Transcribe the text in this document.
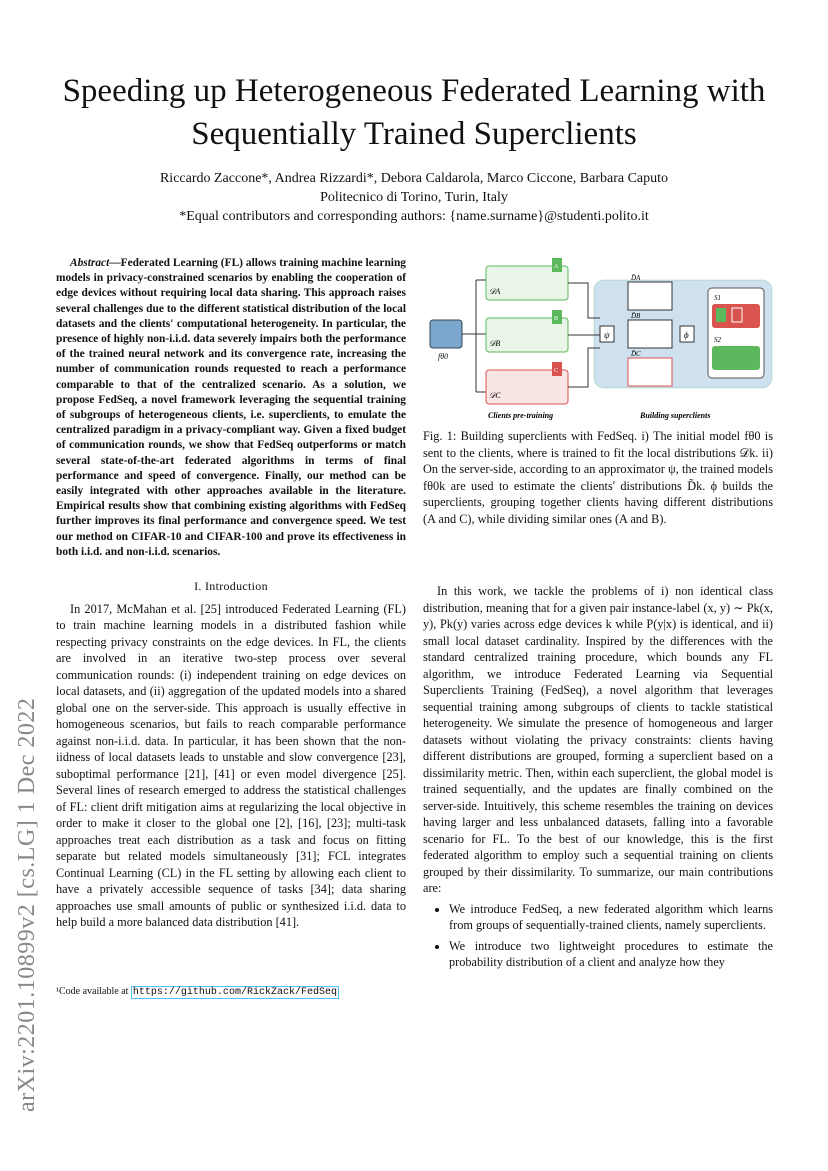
Speeding up Heterogeneous Federated Learning with Sequentially Trained Superclients
Riccardo Zaccone*, Andrea Rizzardi*, Debora Caldarola, Marco Ciccone, Barbara Caputo
Politecnico di Torino, Turin, Italy
*Equal contributors and corresponding authors: {name.surname}@studenti.polito.it
arXiv:2201.10899v2 [cs.LG] 1 Dec 2022

Abstract—Federated Learning (FL) allows training machine learning models in privacy-constrained scenarios by enabling the cooperation of edge devices without requiring local data sharing. This approach raises several challenges due to the different statistical distribution of the local datasets and the clients' computational heterogeneity. In particular, the presence of highly non-i.i.d. data severely impairs both the performance of the trained neural network and its convergence rate, increasing the number of communication rounds requested to reach a performance comparable to that of the centralized scenario. As a solution, we propose FedSeq, a novel framework leveraging the sequential training of subgroups of heterogeneous clients, i.e. superclients, to emulate the centralized paradigm in a privacy-compliant way. Given a fixed budget of communication rounds, we show that FedSeq outperforms or match several state-of-the-art federated algorithms in terms of final performance and speed of convergence. Finally, our method can be easily integrated with other approaches available in the literature. Empirical results show that combining existing algorithms with FedSeq further improves its final performance and convergence speed. We test our method on CIFAR-10 and CIFAR-100 and prove its effectiveness in both i.i.d. and non-i.i.d. scenarios.

I. Introduction

In 2017, McMahan et al. [25] introduced Federated Learning (FL) to train machine learning models in a distributed fashion while respecting privacy constraints on the edge devices. In FL, the clients are involved in an iterative two-step process over several communication rounds: (i) independent training on edge devices on local datasets, and (ii) aggregation of the updated models into a shared global one on the server-side. This approach is usually effective in homogeneous scenarios, but fails to reach comparable performance against non-i.i.d. data. In particular, it has been shown that the non-iidness of local datasets leads to unstable and slow convergence [23], suboptimal performance [21], [41] or even model divergence [25]. Several lines of research emerged to address the statistical challenges of FL: client drift mitigation aims at regularizing the local objective in order to make it closer to the global one [2], [16], [23]; multi-task approaches treat each distribution as a task and focus on fitting separate but related models simultaneously [31]; FCL integrates Continual Learning (CL) in the FL setting by allowing each client to have a privately accessible sequence of tasks [34]; data sharing approaches use small amounts of public or synthesized i.i.d. data to help build a more balanced data distribution [41].

¹Code available at https://github.com/RickZack/FedSeq
fθ0
𝒟A
A
𝒟B
B
𝒟C
C
Clients pre-training
ψ
D̃A
D̃B
D̃C
ϕ
S1
S2
Building superclients
Fig. 1: Building superclients with FedSeq. i) The initial model fθ0 is sent to the clients, where is trained to fit the local distributions 𝒟k. ii) On the server-side, according to an approximator ψ, the trained models fθ0k are used to estimate the clients' distributions D̃k. ϕ builds the superclients, grouping together clients having different distributions (A and C), while dividing similar ones (A and B).

In this work, we tackle the problems of i) non identical class distribution, meaning that for a given pair instance-label (x, y) ∼ Pk(x, y), Pk(y) varies across edge devices k while P(y|x) is identical, and ii) small local dataset cardinality. Inspired by the differences with the standard centralized training procedure, which bounds any FL algorithm, we introduce Federated Learning via Sequential Superclients Training (FedSeq), a novel algorithm that leverages sequential training among subgroups of clients to tackle statistical heterogeneity. We simulate the presence of homogeneous and larger datasets without violating the privacy constraints: clients having different distributions are grouped, forming a superclient based on a dissimilarity metric. Then, within each superclient, the global model is trained sequentially, and the updates are finally combined on the server-side. Intuitively, this scheme resembles the training on devices having larger and less unbalanced datasets, falling into a favorable scenario for FL. To the best of our knowledge, this is the first federated algorithm to employ such a sequential training on clients grouped by their dissimilarity. To summarize, our main contributions are:

• We introduce FedSeq, a new federated algorithm which learns from groups of sequentially-trained clients, namely superclients.
• We introduce two lightweight procedures to estimate the probability distribution of a client and analyze how they
